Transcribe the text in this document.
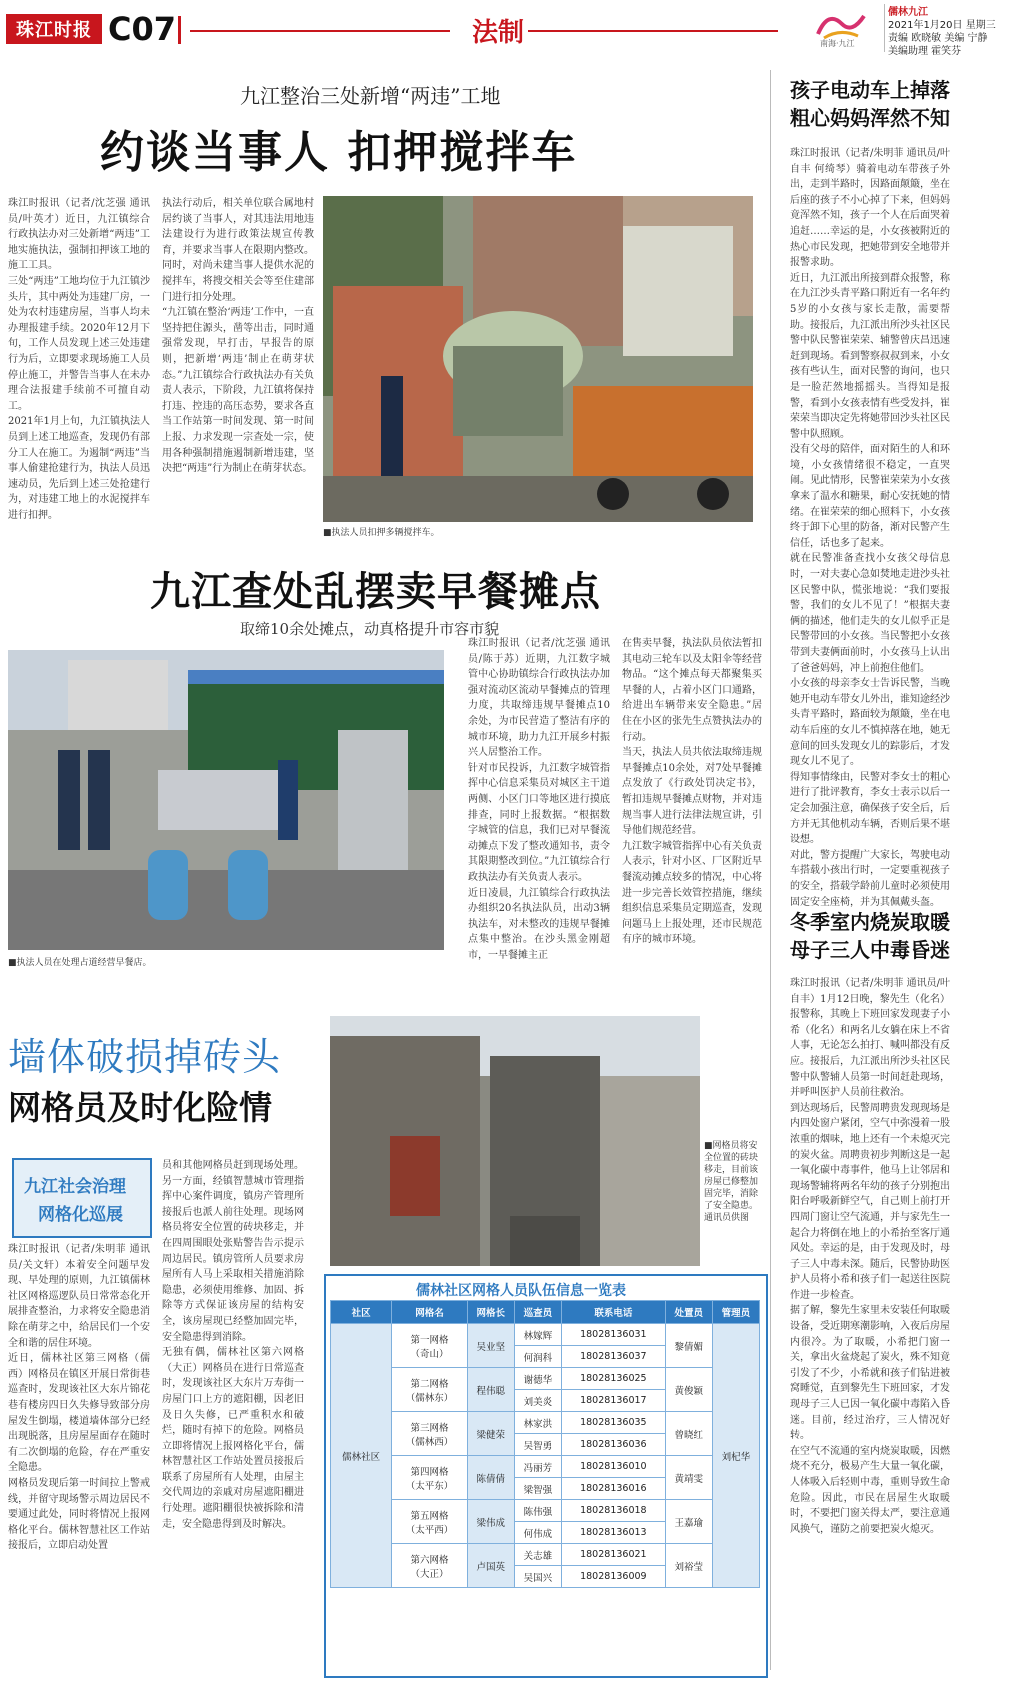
珠江时报 C07	法制	南海·九江
儒林九江
2021年1月20日 星期三
责编 欧晓敏 美编 宁静
美编助理 霍笑芬
九江整治三处新增“两违”工地
约谈当事人 扣押搅拌车
珠江时报讯（记者/沈芝强 通讯员/叶英才）近日，九江镇综合行政执法办对三处新增“两违”工地实施执法，强制扣押该工地的施工工具。
三处“两违”工地均位于九江镇沙头片，其中两处为违建厂房，一处为农村违建房屋，当事人均未办理报建手续。2020年12月下旬，工作人员发现上述三处违建行为后，立即要求现场施工人员停止施工，并警告当事人在未办理合法报建手续前不可擅自动工。
2021年1月上旬，九江镇执法人员到上述工地巡查，发现仍有部分工人在施工。为遏制“两违”当事人偷建抢建行为，执法人员迅速动员，先后到上述三处抢建行为，对违建工地上的水泥搅拌车进行扣押。
执法行动后，相关单位联合属地村居约谈了当事人，对其违法用地违法建设行为进行政策法规宣传教育，并要求当事人在限期内整改。同时，对尚未建当事人提供水泥的搅拌车，将搜交相关会等至住建部门进行扣分处理。
“九江镇在整治‘两违’工作中，一直坚持把住源头，凿等出击，同时通强常发现，早打击，早报告的原则，把新增‘两违’制止在萌芽状态。”九江镇综合行政执法办有关负责人表示，下阶段，九江镇将保持打违、控违的高压态势，要求各直当工作站第一时间发现、第一时间上报、力求发现一宗查处一宗，使用各种强制措施遏制新增违建，坚决把“两违”行为制止在萌芽状态。
■执法人员扣押多辆搅拌车。
九江查处乱摆卖早餐摊点
取缔10余处摊点，动真格提升市容市貌
■执法人员在处理占道经营早餐店。
珠江时报讯（记者/沈芝强 通讯员/陈于苏）近期，九江数字城管中心协助镇综合行政执法办加强对流动区流动早餐摊点的管理力度，共取缔违规早餐摊点10余处，为市民营造了整洁有序的城市环境，助力九江开展乡村振兴人居整治工作。
针对市民投诉，九江数字城管指挥中心信息采集员对城区主干道两侧、小区门口等地区进行摸底排查，同时上报数据。“根据数字城管的信息，我们已对早餐流动摊点下发了整改通知书，责令其限期整改到位。”九江镇综合行政执法办有关负责人表示。
近日凌晨，九江镇综合行政执法办组织20名执法队员，出动3辆执法车，对未整改的违规早餐摊点集中整治。在沙头黑金刚超市，一早餐摊主正
在售卖早餐，执法队员依法暂扣其电动三轮车以及太阳伞等经营物品。“这个摊点每天都聚集买早餐的人，占着小区门口通路，给进出车辆带来安全隐患。”居住在小区的张先生点赞执法办的行动。
当天，执法人员共依法取缔违规早餐摊点10余处，对7处早餐摊点发放了《行政处罚决定书》，暂扣违规早餐摊点财物，并对违规当事人进行法律法规宣讲，引导他们规范经营。
九江数字城管指挥中心有关负责人表示，针对小区、厂区附近早餐流动摊点较多的情况，中心将进一步完善长效管控措施，继续组织信息采集员定期巡查，发现问题马上上报处理，还市民规范有序的城市环境。
墙体破损掉砖头
网格员及时化险情
九江社会治理
网格化巡展
珠江时报讯（记者/朱明菲 通讯员/关文轩）本着安全问题早发现、早处理的原则，九江镇儒林社区网格巡逻队员日常常态化开展排查整治，力求将安全隐患消除在萌芽之中，给居民们一个安全和谐的居住环境。
近日，儒林社区第三网格（儒西）网格员在镇区开展日常街巷巡查时，发现该社区大东片锦花巷有楼房四日久失修导致部分房屋发生倒塌，楼道墙体部分已经出现脱落，且房屋屋面存在随时有二次倒塌的危险，存在严重安全隐患。
网格员发现后第一时间拉上警戒线，并留守现场警示周边居民不要通过此处，同时将情况上报网格化平台。儒林智慧社区工作站接报后，立即启动处置
员和其他网格员赶到现场处理。另一方面，经镇智慧城市管理指挥中心案件调度，镇房产管理所接报后也派人前往处理。现场网格员将安全位置的砖块移走，并在四周围眼处张贴警告告示提示周边居民。镇房管所人员要求房屋所有人马上采取相关措施消除隐患，必须使用维修、加固、拆除等方式保证该房屋的结构安全，该房屋现已经整加固完毕，安全隐患得到消除。
无独有偶，儒林社区第六网格（大正）网格员在进行日常巡查时，发现该社区大东片万寿街一房屋门口上方的遮阳棚，因老旧及日久失修，已严重积水和破烂，随时有掉下的危险。网格员立即将情况上报网格化平台，儒林智慧社区工作站处置员接报后联系了房屋所有人处理，由屋主交代周边的亲戚对房屋遮阳棚进行处理。遮阳棚很快被拆除和清走，安全隐患得到及时解决。
■网格员将安全位置的砖块移走，目前该房屋已修整加固完毕，消除了安全隐患。
通讯员供图
儒林社区网格人员队伍信息一览表
社区	网格名	网格长	巡查员	联系电话	处置员	管理员
儒林社区	第一网格
（奇山）	吴业坚	林嫁辉	18028136031	黎倩媚	刘杞华
			何润科	18028136037		
	第二网格
（儒林东）	程伟聪	谢德华	18028136025	黄俊颖	
			刘美炎	18028136017		
	第三网格
（儒林西）	梁健荣	林家洪	18028136035	曾晓红	
			吴智勇	18028136036		
	第四网格
（太平东）	陈倩倩	冯丽芳	18028136010	黄靖雯	
			梁智强	18028136016		
	第五网格
（太平西）	梁伟成	陈伟强	18028136018	王嘉瑜	
			何伟成	18028136013		
	第六网格
（大正）	卢国英	关志雄	18028136021	刘裕莹	
			吴国兴	18028136009		
孩子电动车上掉落
粗心妈妈浑然不知
珠江时报讯（记者/朱明菲 通讯员/叶自丰 何绮琴）骑着电动车带孩子外出，走到半路时，因路面颠簸，坐在后座的孩子不小心掉了下来，但妈妈竟浑然不知，孩子一个人在后面哭着追赶……幸运的是，小女孩被附近的热心市民发现，把她带到安全地带并报警求助。
近日，九江派出所接到群众报警，称在九江沙头青平路口附近有一名年约5岁的小女孩与家长走散，需要帮助。接报后，九江派出所沙头社区民警中队民警崔荣荣、辅警曾庆昌迅速赶到现场。看到警察叔叔到来，小女孩有些认生，面对民警的询问，也只是一脸茫然地摇摇头。当得知是报警，看到小女孩表情有些受发抖，崔荣荣当即决定先将她带回沙头社区民警中队照顾。
没有父母的陪伴，面对陌生的人和环境，小女孩情绪很不稳定，一直哭闹。见此情形，民警崔荣荣为小女孩拿来了温水和糖果，耐心安抚她的情绪。在崔荣荣的细心照料下，小女孩终于卸下心里的防备，渐对民警产生信任，话也多了起来。
就在民警准备查找小女孩父母信息时，一对夫妻心急如焚地走进沙头社区民警中队，慌张地说：“我们要报警，我们的女儿不见了！”根据夫妻俩的描述，他们走失的女儿似乎正是民警带回的小女孩。当民警把小女孩带到夫妻俩面前时，小女孩马上认出了爸爸妈妈，冲上前抱住他们。
小女孩的母亲李女士告诉民警，当晚她开电动车带女儿外出，谁知途经沙头青平路时，路面较为颠簸，坐在电动车后座的女儿不慎掉落在地，她无意间的回头发现女儿的踪影后，才发现女儿不见了。
得知事情缘由，民警对李女士的粗心进行了批评教育，李女士表示以后一定会加强注意，确保孩子安全后，后方并无其他机动车辆，否则后果不堪设想。
对此，警方提醒广大家长，驾驶电动车搭载小孩出行时，一定要重视孩子的安全，搭载学龄前儿童时必须使用固定安全座椅，并为其佩戴头盔。
冬季室内烧炭取暖
母子三人中毒昏迷
珠江时报讯（记者/朱明菲 通讯员/叶自丰）1月12日晚，黎先生（化名）报警称，其晚上下班回家发现妻子小希（化名）和两名儿女躺在床上不省人事，无论怎么拍打、喊叫都没有反应。接报后，九江派出所沙头社区民警中队警辅人员第一时间赶赴现场，并呼叫医护人员前往救治。
到达现场后，民警周聘贵发现现场是内四处窗户紧闭，空气中弥漫着一股浓重的烟味，地上还有一个未熄灭完的炭火盆。周聘贵初步判断这是一起一氧化碳中毒事件，他马上让邻居和现场警辅将两名年幼的孩子分别抱出阳台呼吸新鲜空气，自己则上前打开四周门窗让空气流通，并与家先生一起合力将倒在地上的小希抬至客厅通风处。幸运的是，由于发现及时，母子三人中毒未深。随后，民警协助医护人员将小希和孩子们一起送往医院作进一步检查。
据了解，黎先生家里未安装任何取暖设备，受近期寒潮影响，入夜后房屋内很冷。为了取暖，小希把门窗一关，拿出火盆烧起了炭火，殊不知竟引发了不少，小希就和孩子们钻进被窝睡觉，直到黎先生下班回家，才发现母子三人已因一氧化碳中毒陷入昏迷。目前，经过治疗，三人情况好转。
在空气不流通的室内烧炭取暖，因燃烧不充分，极易产生大量一氧化碳，人体吸入后轻则中毒，重则导致生命危险。因此，市民在居屋生火取暖时，不要把门窗关得太严，要注意通风换气，谨防之前要把炭火熄灭。
